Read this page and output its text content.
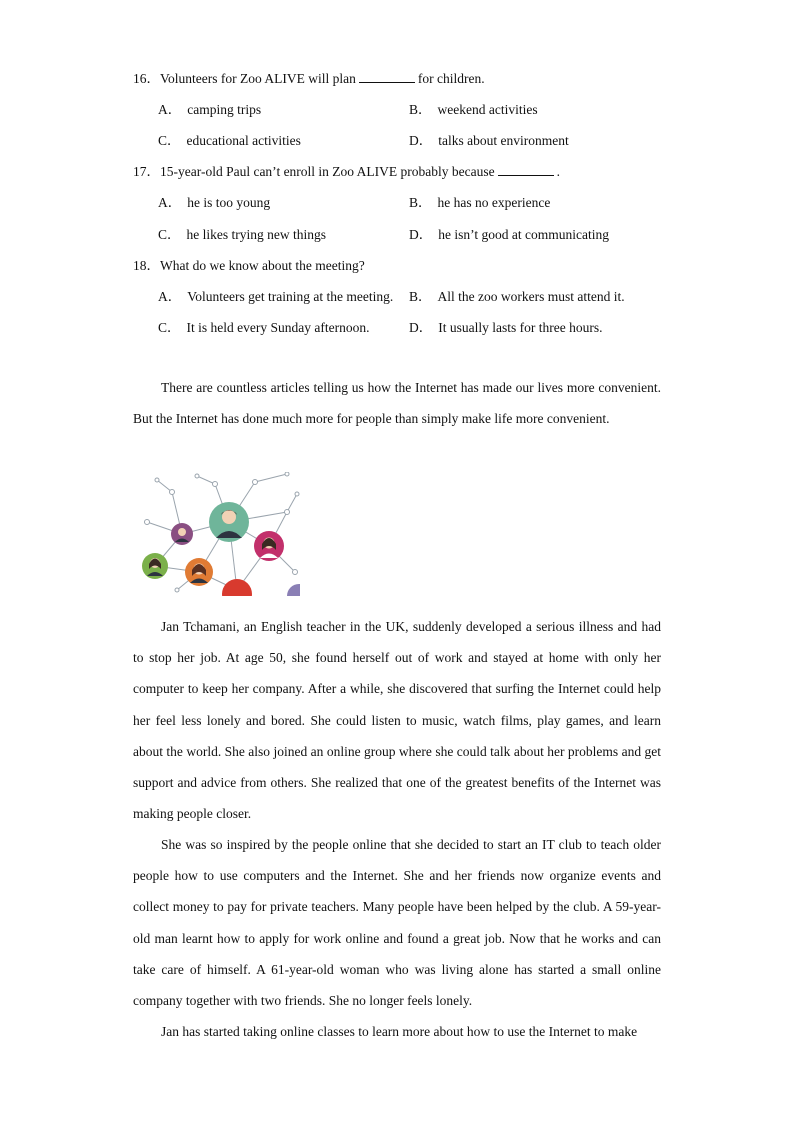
16．Volunteers for Zoo ALIVE will plan	for children.
A． camping trips	B． weekend activities
C． educational activities	D． talks about environment
17．15-year-old Paul can’t enroll in Zoo ALIVE probably because	.
A． he is too young	B． he has no experience
C． he likes trying new things	D． he isn’t good at communicating
18．What do we know about the meeting?
A． Volunteers get training at the meeting. B． All the zoo workers must attend it.
C． It is held every Sunday afternoon.	D． It usually lasts for three hours.
There are countless articles telling us how the Internet has made our lives more convenient. But the Internet has done much more for people than simply make life more convenient.
Jan Tchamani, an English teacher in the UK, suddenly developed a serious illness and had to stop her job. At age 50, she found herself out of work and stayed at home with only her computer to keep her company. After a while, she discovered that surfing the Internet could help her feel less lonely and bored. She could listen to music, watch films, play games, and learn about the world. She also joined an online group where she could talk about her problems and get support and advice from others. She realized that one of the greatest benefits of the Internet was making people closer.
She was so inspired by the people online that she decided to start an IT club to teach older people how to use computers and the Internet. She and her friends now organize events and collect money to pay for private teachers. Many people have been helped by the club. A 59-year-old man learnt how to apply for work online and found a great job. Now that he works and can take care of himself. A 61-year-old woman who was living alone has started a small online company together with two friends. She no longer feels lonely.
Jan has started taking online classes to learn more about how to use the Internet to make
